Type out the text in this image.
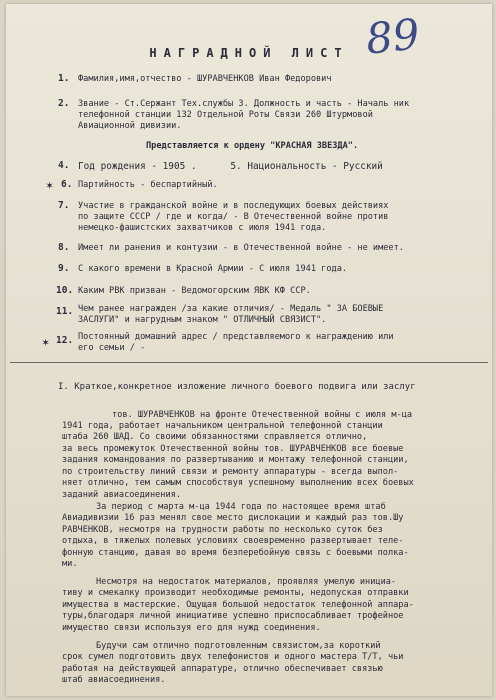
89
НАГРАДНОЙ ЛИСТ
1. Фамилия,имя,отчество - ШУРАВЧЕНКОВ Иван Федорович
2. Звание - Ст.Сержант Тех.службы 3. Должность и часть - Началь ник
телефонной станции 132 Отдельной Роты Связи 260 Штурмовой
Авиационной дивизии.
Представляется к ордену "КРАСНАЯ ЗВЕЗДА".
4. Год рождения - 1905 .      5. Национальность - Русский
✶ 6. Партийность - беспартийный.
7. Участие в гражданской войне и в последующих боевых действиях
по защите СССР / где и когда/ - В Отечественной войне против
немецко-фашистских захватчиков с июля 1941 года.
8. Имеет ли ранения и контузии - в Отечественной войне - не имеет.
9. С какого времени в Красной Армии - С июля 1941 года.
10. Каким РВК призван - Ведомогорским ЯВК КФ ССР.
11. Чем ранее награжден /за какие отличия/ - Медаль " ЗА БОЕВЫЕ
ЗАСЛУГИ" и нагрудным знаком " ОТЛИЧНЫЙ СВЯЗИСТ".
✶ 12. Постоянный домашний адрес / представляемого к награждению или
его семьи / -
I. Краткое,конкретное изложение личного боевого подвига или заслуг
тов. ШУРАВЧЕНКОВ на фронте Отечественной войны с июля м-ца
1941 года, работает начальником центральной телефонной станции
штаба 260 ШАД. Со своими обязанностями справляется отлично,
за весь промежуток Отечественной войны тов. ШУРАВЧЕНКОВ все боевые
задания командования по развертыванию и монтажу телефонной станции,
по строительству линий связи и ремонту аппаратуры - всегда выпол-
няет отлично, тем самым способствуя успешному выполнению всех боевых
заданий авиасоединения.
За период с марта м-ца 1944 года по настоящее время штаб
Авиадивизии 16 раз менял свое место дислокации и каждый раз тов.Шу
РАВЧЕНКОВ, несмотря на трудности работы по несколько суток без
отдыха, в тяжелых полевых условиях своевременно развертывает теле-
фонную станцию, давая во время безперебойную связь с боевыми полка-
ми.
Несмотря на недостаток материалов, проявляя умелую инициа-
тиву и смекалку производит необходимые ремонты, недопуская отправки
имущества в мастерские. Ощущая большой недостаток телефонной аппара-
туры,благодаря личной инициативе успешно приспосабливает трофейное
имущество связи используя его для нужд соединения.
Будучи сам отлично подготовленным связистом,за короткий
срок сумел подготовить двух телефонистов и одного мастера Т/Т, чьи
работая на действующей аппаратуре, отлично обеспечивает связью
штаб авиасоединения.
